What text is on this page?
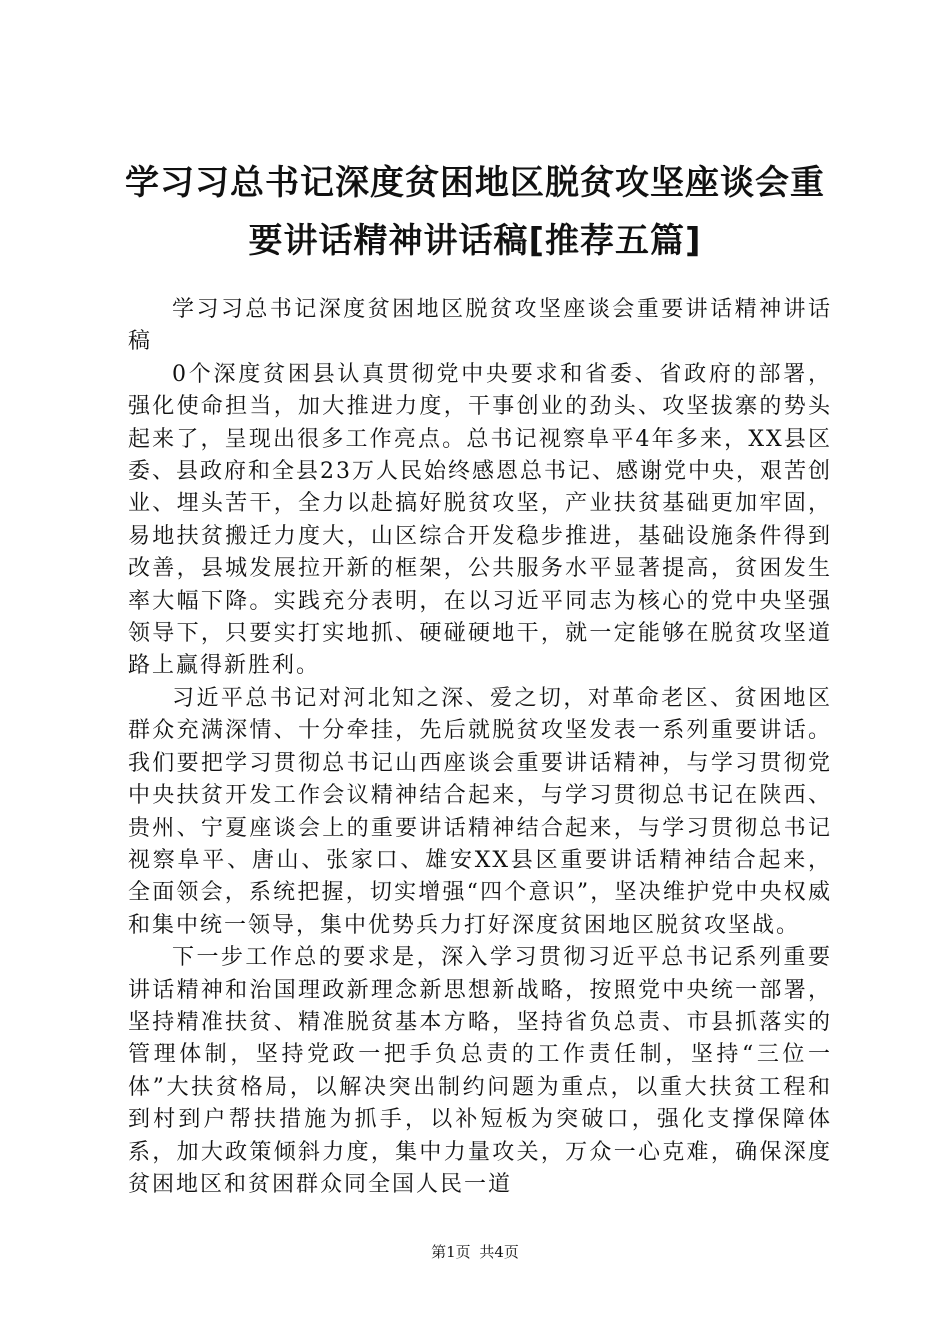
学习习总书记深度贫困地区脱贫攻坚座谈会重
要讲话精神讲话稿[推荐五篇]

学习习总书记深度贫困地区脱贫攻坚座谈会重要讲话精神讲话稿

0个深度贫困县认真贯彻党中央要求和省委、省政府的部署，强化使命担当，加大推进力度，干事创业的劲头、攻坚拔寨的势头起来了，呈现出很多工作亮点。总书记视察阜平4年多来，XX县区委、县政府和全县23万人民始终感恩总书记、感谢党中央，艰苦创业、埋头苦干，全力以赴搞好脱贫攻坚，产业扶贫基础更加牢固，易地扶贫搬迁力度大，山区综合开发稳步推进，基础设施条件得到改善，县城发展拉开新的框架，公共服务水平显著提高，贫困发生率大幅下降。实践充分表明，在以习近平同志为核心的党中央坚强领导下，只要实打实地抓、硬碰硬地干，就一定能够在脱贫攻坚道路上赢得新胜利。

习近平总书记对河北知之深、爱之切，对革命老区、贫困地区群众充满深情、十分牵挂，先后就脱贫攻坚发表一系列重要讲话。我们要把学习贯彻总书记山西座谈会重要讲话精神，与学习贯彻党中央扶贫开发工作会议精神结合起来，与学习贯彻总书记在陕西、贵州、宁夏座谈会上的重要讲话精神结合起来，与学习贯彻总书记视察阜平、唐山、张家口、雄安XX县区重要讲话精神结合起来，全面领会，系统把握，切实增强“四个意识”，坚决维护党中央权威和集中统一领导，集中优势兵力打好深度贫困地区脱贫攻坚战。

下一步工作总的要求是，深入学习贯彻习近平总书记系列重要讲话精神和治国理政新理念新思想新战略，按照党中央统一部署，坚持精准扶贫、精准脱贫基本方略，坚持省负总责、市县抓落实的管理体制，坚持党政一把手负总责的工作责任制，坚持“三位一体”大扶贫格局，以解决突出制约问题为重点，以重大扶贫工程和到村到户帮扶措施为抓手，以补短板为突破口，强化支撑保障体系，加大政策倾斜力度，集中力量攻关，万众一心克难，确保深度贫困地区和贫困群众同全国人民一道

第1页 共4页
